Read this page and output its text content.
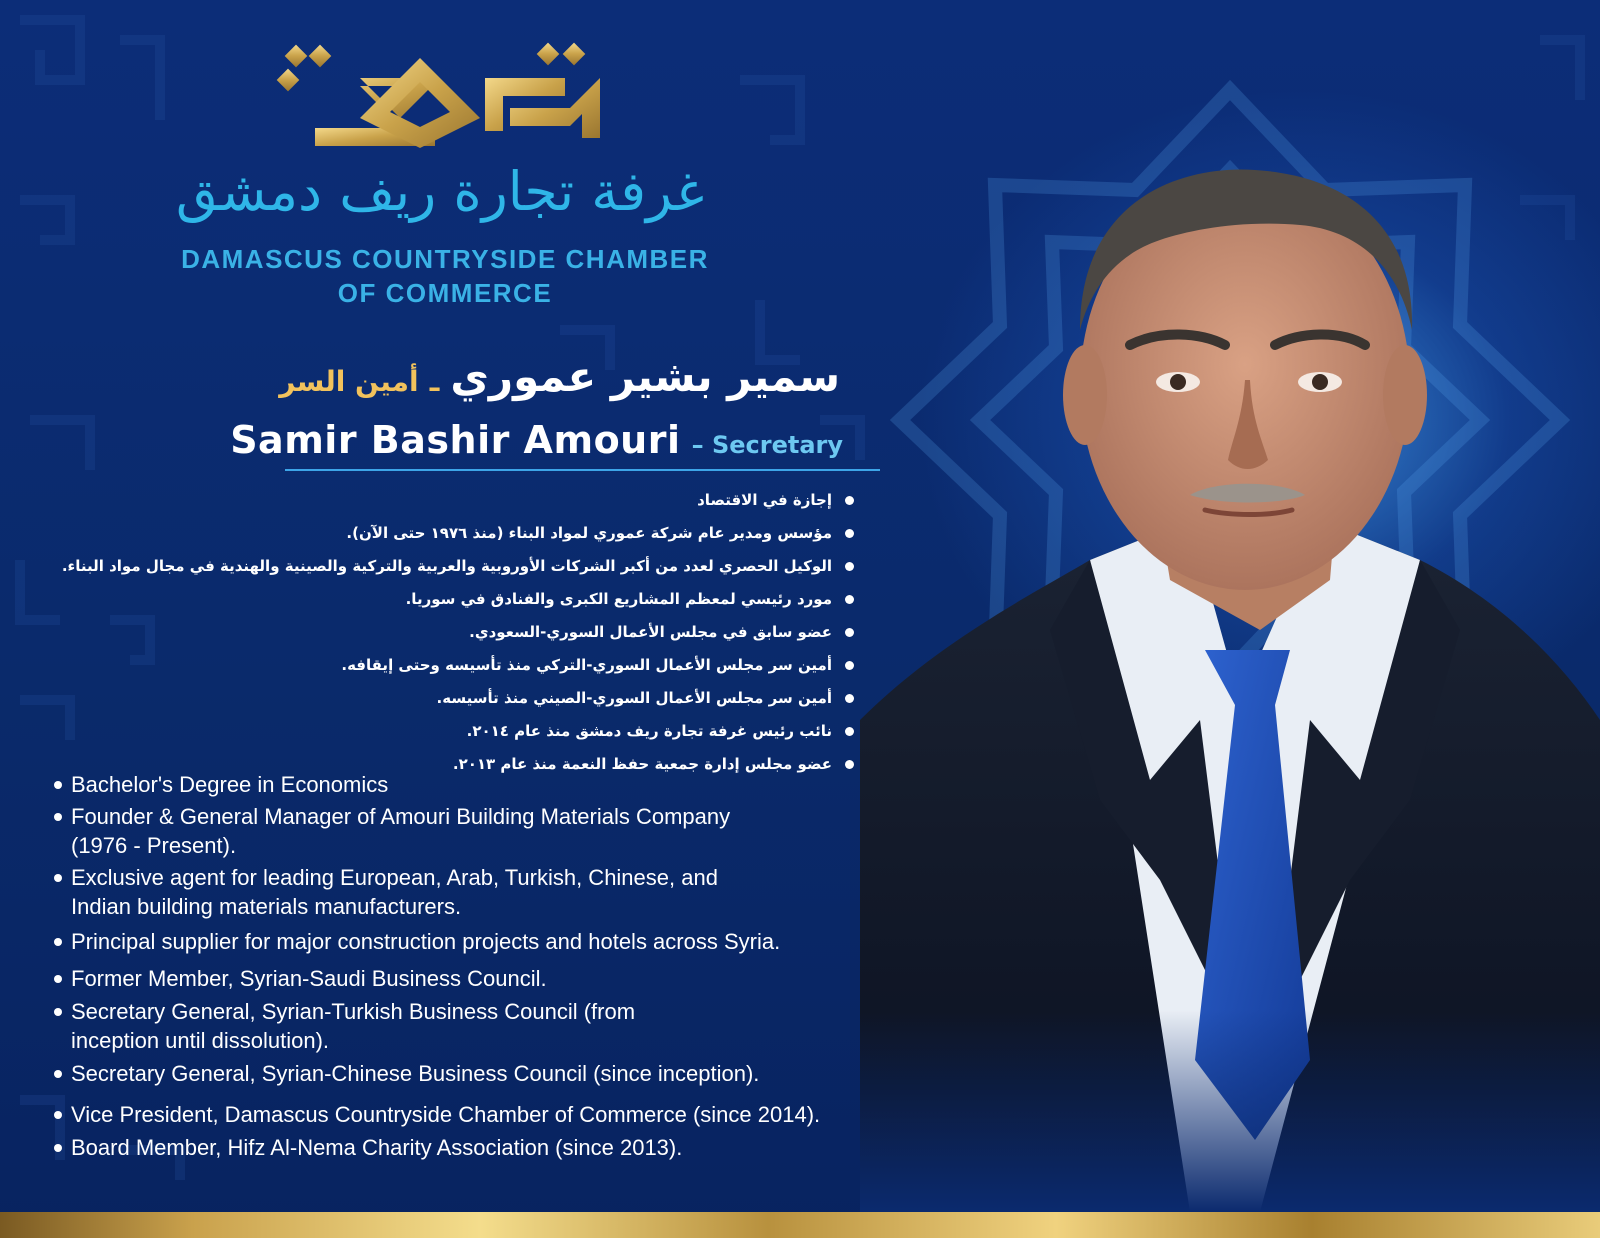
غرفة تجارة ريف دمشق
DAMASCUS COUNTRYSIDE CHAMBER
OF COMMERCE
سمير بشير عموري ـ أمين السر
Samir Bashir Amouri – Secretary
إجازة في الاقتصاد
مؤسس ومدير عام شركة عموري لمواد البناء (منذ ١٩٧٦ حتى الآن).
الوكيل الحصري لعدد من أكبر الشركات الأوروبية والعربية والتركية والصينية والهندية في مجال مواد البناء.
مورد رئيسي لمعظم المشاريع الكبرى والفنادق في سوريا.
عضو سابق في مجلس الأعمال السوري-السعودي.
أمين سر مجلس الأعمال السوري-التركي منذ تأسيسه وحتى إيقافه.
أمين سر مجلس الأعمال السوري-الصيني منذ تأسيسه.
نائب رئيس غرفة تجارة ريف دمشق منذ عام ٢٠١٤.
عضو مجلس إدارة جمعية حفظ النعمة منذ عام ٢٠١٣.
Bachelor's Degree in Economics
Founder & General Manager of Amouri Building Materials Company (1976 - Present).
Exclusive agent for leading European, Arab, Turkish, Chinese, and Indian building materials manufacturers.
Principal supplier for major construction projects and hotels across Syria.
Former Member, Syrian-Saudi Business Council.
Secretary General, Syrian-Turkish Business Council (from inception until dissolution).
Secretary General, Syrian-Chinese Business Council (since inception).
Vice President, Damascus Countryside Chamber of Commerce (since 2014).
Board Member, Hifz Al-Nema Charity Association (since 2013).
